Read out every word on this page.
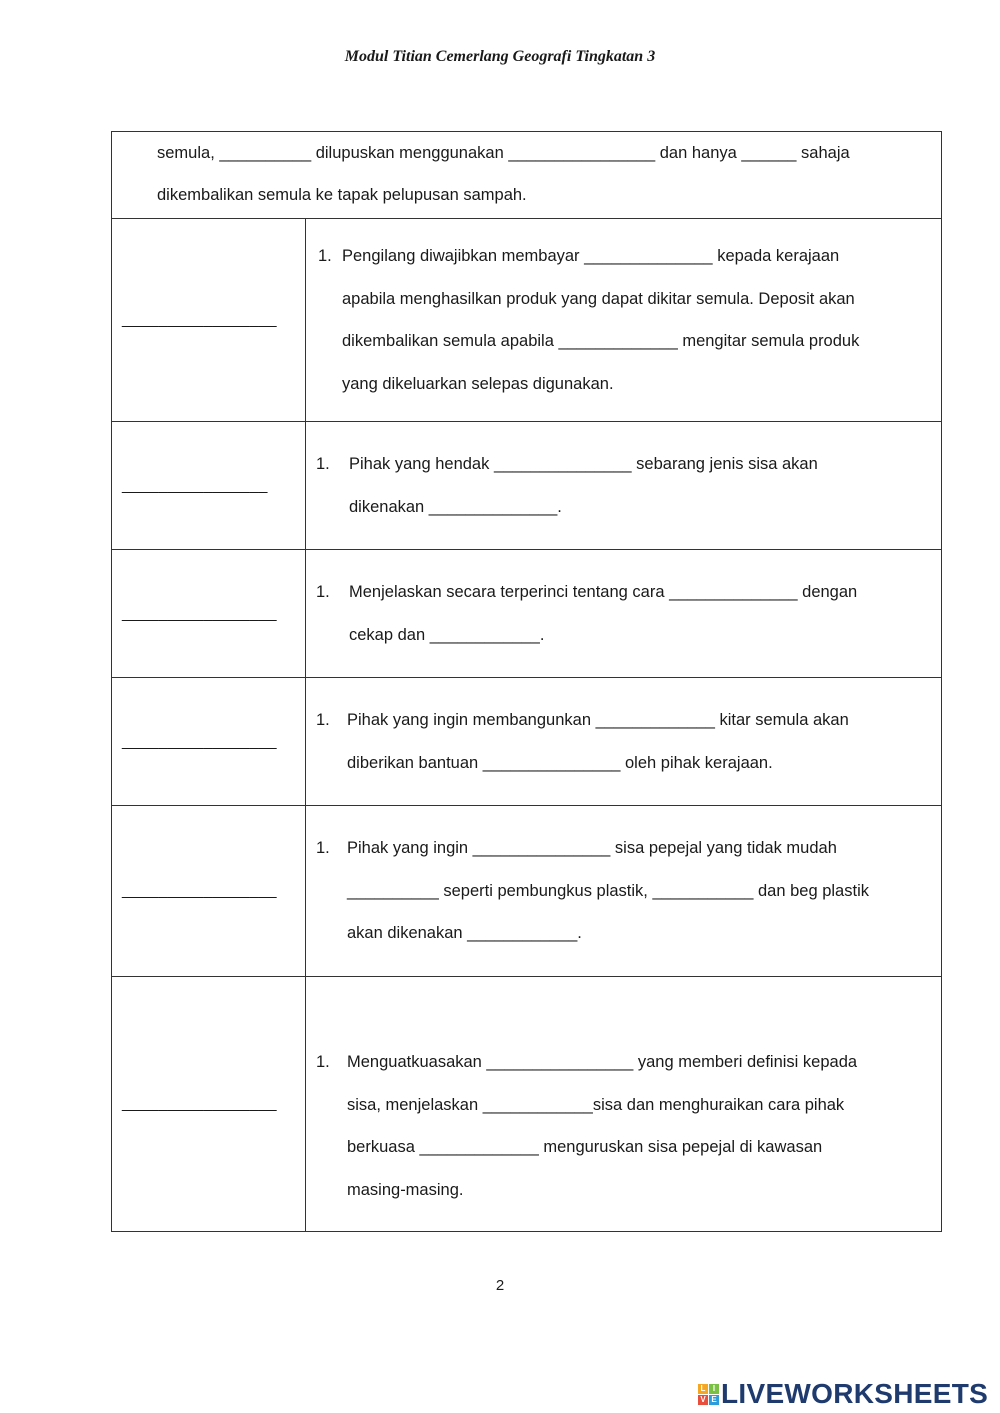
Modul Titian Cemerlang Geografi Tingkatan 3
semula, __________ dilupuskan menggunakan ________________ dan hanya ______ sahaja
dikembalikan semula ke tapak pelupusan sampah.	

_________________	1. Pengilang diwajibkan membayar ______________ kepada kerajaan
apabila menghasilkan produk yang dapat dikitar semula. Deposit akan
dikembalikan semula apabila _____________ mengitar semula produk
yang dikeluarkan selepas digunakan.

________________	1. Pihak yang hendak _______________ sebarang jenis sisa akan
dikenakan ______________.

_________________	1. Menjelaskan secara terperinci tentang cara ______________ dengan
cekap dan ____________.

_________________	1. Pihak yang ingin membangunkan _____________ kitar semula akan
diberikan bantuan _______________ oleh pihak kerajaan.

_________________	1. Pihak yang ingin _______________ sisa pepejal yang tidak mudah
__________ seperti pembungkus plastik, ___________ dan beg plastik
akan dikenakan ____________.

_________________	1. Menguatkuasakan ________________ yang memberi definisi kepada
sisa, menjelaskan ____________sisa dan menghuraikan cara pihak
berkuasa _____________ menguruskan sisa pepejal di kawasan
masing-masing.
2
L I
V E LIVEWORKSHEETS
